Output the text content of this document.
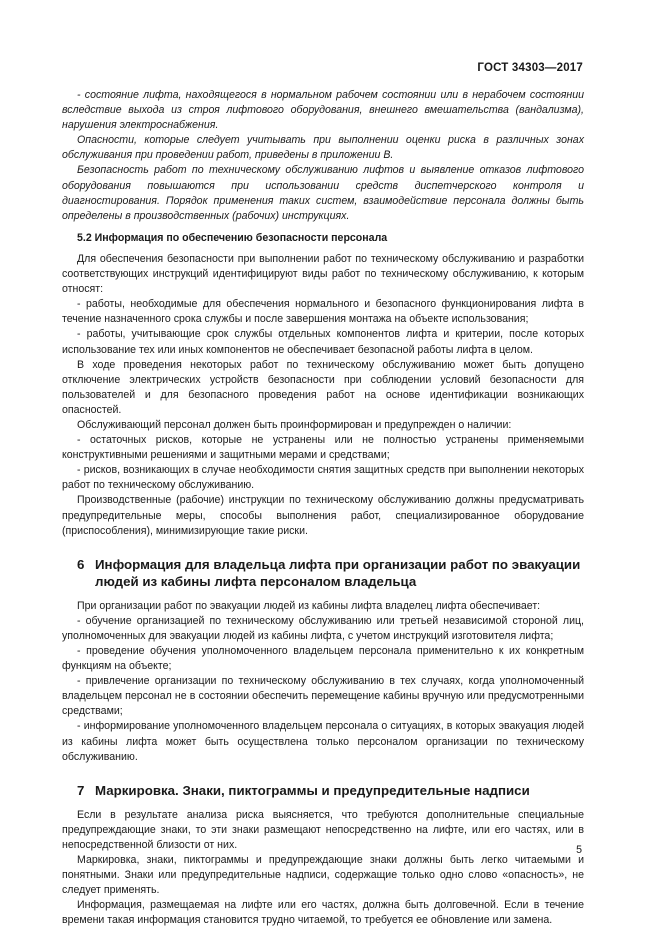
ГОСТ 34303—2017

- состояние лифта, находящегося в нормальном рабочем состоянии или в нерабочем состоянии вследствие выхода из строя лифтового оборудования, внешнего вмешательства (вандализма), нарушения электроснабжения.

Опасности, которые следует учитывать при выполнении оценки риска в различных зонах обслуживания при проведении работ, приведены в приложении В.

Безопасность работ по техническому обслуживанию лифтов и выявление отказов лифтового оборудования повышаются при использовании средств диспетчерского контроля и диагностирования. Порядок применения таких систем, взаимодействие персонала должны быть определены в производственных (рабочих) инструкциях.

5.2 Информация по обеспечению безопасности персонала

Для обеспечения безопасности при выполнении работ по техническому обслуживанию и разработки соответствующих инструкций идентифицируют виды работ по техническому обслуживанию, к которым относят:

- работы, необходимые для обеспечения нормального и безопасного функционирования лифта в течение назначенного срока службы и после завершения монтажа на объекте использования;

- работы, учитывающие срок службы отдельных компонентов лифта и критерии, после которых использование тех или иных компонентов не обеспечивает безопасной работы лифта в целом.

В ходе проведения некоторых работ по техническому обслуживанию может быть допущено отключение электрических устройств безопасности при соблюдении условий безопасности для пользователей и для безопасного проведения работ на основе идентификации возникающих опасностей.

Обслуживающий персонал должен быть проинформирован и предупрежден о наличии:

- остаточных рисков, которые не устранены или не полностью устранены применяемыми конструктивными решениями и защитными мерами и средствами;

- рисков, возникающих в случае необходимости снятия защитных средств при выполнении некоторых работ по техническому обслуживанию.

Производственные (рабочие) инструкции по техническому обслуживанию должны предусматривать предупредительные меры, способы выполнения работ, специализированное оборудование (приспособления), минимизирующие такие риски.

6 Информация для владельца лифта при организации работ по эвакуации
людей из кабины лифта персоналом владельца

При организации работ по эвакуации людей из кабины лифта владелец лифта обеспечивает:

- обучение организацией по техническому обслуживанию или третьей независимой стороной лиц, уполномоченных для эвакуации людей из кабины лифта, с учетом инструкций изготовителя лифта;

- проведение обучения уполномоченного владельцем персонала применительно к их конкретным функциям на объекте;

- привлечение организации по техническому обслуживанию в тех случаях, когда уполномоченный владельцем персонал не в состоянии обеспечить перемещение кабины вручную или предусмотренными средствами;

- информирование уполномоченного владельцем персонала о ситуациях, в которых эвакуация людей из кабины лифта может быть осуществлена только персоналом организации по техническому обслуживанию.

7 Маркировка. Знаки, пиктограммы и предупредительные надписи

Если в результате анализа риска выясняется, что требуются дополнительные специальные предупреждающие знаки, то эти знаки размещают непосредственно на лифте, или его частях, или в непосредственной близости от них.

Маркировка, знаки, пиктограммы и предупреждающие знаки должны быть легко читаемыми и понятными. Знаки или предупредительные надписи, содержащие только одно слово «опасность», не следует применять.

Информация, размещаемая на лифте или его частях, должна быть долговечной. Если в течение времени такая информация становится трудно читаемой, то требуется ее обновление или замена.

5
